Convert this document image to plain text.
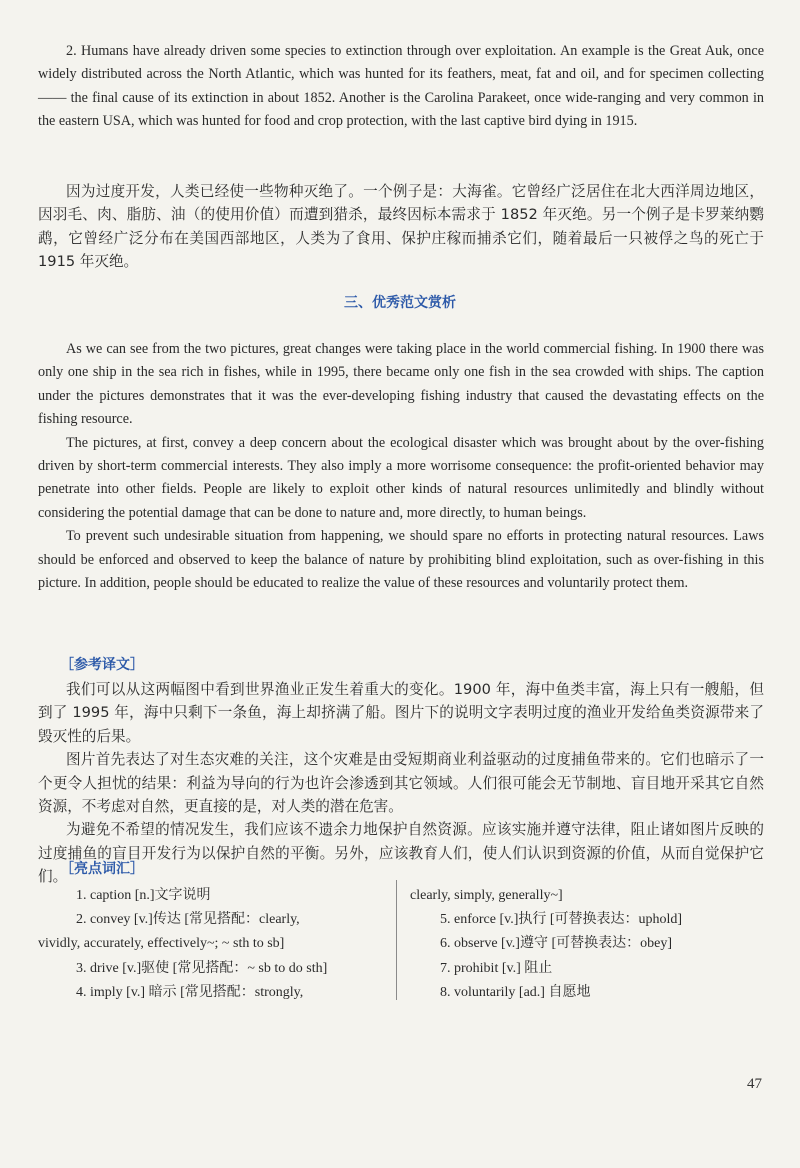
2. Humans have already driven some species to extinction through over exploitation. An example is the Great Auk, once widely distributed across the North Atlantic, which was hunted for its feathers, meat, fat and oil, and for specimen collecting—— the final cause of its extinction in about 1852. Another is the Carolina Parakeet, once wide-ranging and very common in the eastern USA, which was hunted for food and crop protection, with the last captive bird dying in 1915.

因为过度开发，人类已经使一些物种灭绝了。一个例子是：大海雀。它曾经广泛居住在北大西洋周边地区，因羽毛、肉、脂肪、油（的使用价值）而遭到猎杀，最终因标本需求于 1852 年灭绝。另一个例子是卡罗莱纳鹦鹉，它曾经广泛分布在美国西部地区，人类为了食用、保护庄稼而捕杀它们，随着最后一只被俘之鸟的死亡于 1915 年灭绝。

三、优秀范文赏析

As we can see from the two pictures, great changes were taking place in the world commercial fishing. In 1900 there was only one ship in the sea rich in fishes, while in 1995, there became only one fish in the sea crowded with ships. The caption under the pictures demonstrates that it was the ever-developing fishing industry that caused the devastating effects on the fishing resource.

The pictures, at first, convey a deep concern about the ecological disaster which was brought about by the over-fishing driven by short-term commercial interests. They also imply a more worrisome consequence: the profit-oriented behavior may penetrate into other fields. People are likely to exploit other kinds of natural resources unlimitedly and blindly without considering the potential damage that can be done to nature and, more directly, to human beings.

To prevent such undesirable situation from happening, we should spare no efforts in protecting natural resources. Laws should be enforced and observed to keep the balance of nature by prohibiting blind exploitation, such as over-fishing in this picture. In addition, people should be educated to realize the value of these resources and voluntarily protect them.

［参考译文］

我们可以从这两幅图中看到世界渔业正发生着重大的变化。1900 年，海中鱼类丰富，海上只有一艘船，但到了 1995 年，海中只剩下一条鱼，海上却挤满了船。图片下的说明文字表明过度的渔业开发给鱼类资源带来了毁灭性的后果。

图片首先表达了对生态灾难的关注，这个灾难是由受短期商业利益驱动的过度捕鱼带来的。它们也暗示了一个更令人担忧的结果：利益为导向的行为也许会渗透到其它领域。人们很可能会无节制地、盲目地开采其它自然资源，不考虑对自然，更直接的是，对人类的潜在危害。

为避免不希望的情况发生，我们应该不遗余力地保护自然资源。应该实施并遵守法律，阻止诸如图片反映的过度捕鱼的盲目开发行为以保护自然的平衡。另外，应该教育人们，使人们认识到资源的价值，从而自觉保护它们。

［亮点词汇］
1. caption [n.]文字说明
2. convey [v.]传达 [常见搭配：clearly,
vividly, accurately, effectively~; ~ sth to sb]
3. drive [v.]驱使 [常见搭配：~ sb to do sth]
4. imply [v.] 暗示 [常见搭配：strongly,
clearly, simply, generally~]
5. enforce [v.]执行 [可替换表达：uphold]
6. observe [v.]遵守 [可替换表达：obey]
7. prohibit [v.] 阻止
8. voluntarily [ad.] 自愿地
47
